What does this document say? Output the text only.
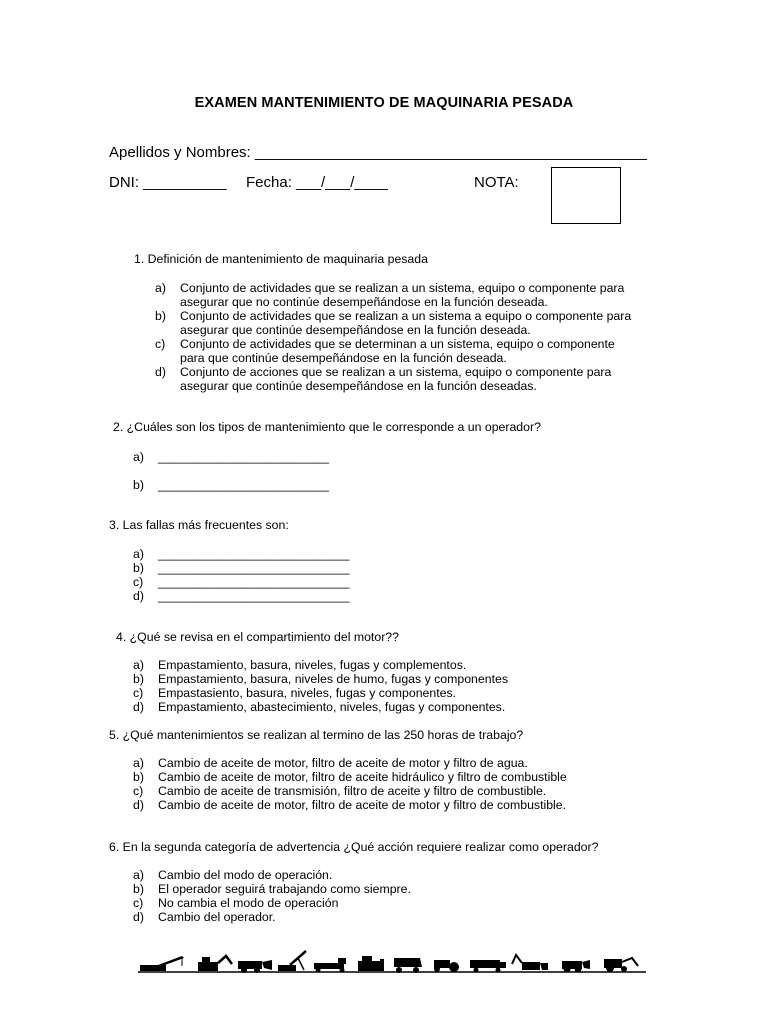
EXAMEN MANTENIMIENTO DE MAQUINARIA PESADA
Apellidos y Nombres: _______________________________________________
DNI: __________ Fecha: ___/___/____	NOTA:
1. Definición de mantenimiento de maquinaria pesada
a) Conjunto de actividades que se realizan a un sistema, equipo o componente para
asegurar que no continúe desempeñándose en la función deseada.
b) Conjunto de actividades que se realizan a un sistema a equipo o componente para
asegurar que continúe desempeñándose en la función deseada.
c) Conjunto de actividades que se determinan a un sistema, equipo o componente
para que continúe desempeñándose en la función deseada.
d) Conjunto de acciones que se realizan a un sistema, equipo o componente para
asegurar que continúe desempeñándose en la función deseadas.
2. ¿Cuáles son los tipos de mantenimiento que le corresponde a un operador?
a) _________________________
b) _________________________
3. Las fallas más frecuentes son:
a) ____________________________
b) ____________________________
c) ____________________________
d) ____________________________
4. ¿Qué se revisa en el compartimiento del motor??
a) Empastamiento, basura, niveles, fugas y complementos.
b) Empastamiento, basura, niveles de humo, fugas y componentes
c) Empastasiento, basura, niveles, fugas y componentes.
d) Empastamiento, abastecimiento, niveles, fugas y componentes.
5. ¿Qué mantenimientos se realizan al termino de las 250 horas de trabajo?
a) Cambio de aceite de motor, filtro de aceite de motor y filtro de agua.
b) Cambio de aceite de motor, filtro de aceite hidráulico y filtro de combustible
c) Cambio de aceite de transmisión, filtro de aceite y filtro de combustible.
d) Cambio de aceite de motor, filtro de aceite de motor y filtro de combustible.
6. En la segunda categoría de advertencia ¿Qué acción requiere realizar como operador?
a) Cambio del modo de operación.
b) El operador seguirá trabajando como siempre.
c) No cambia el modo de operación
d) Cambio del operador.
